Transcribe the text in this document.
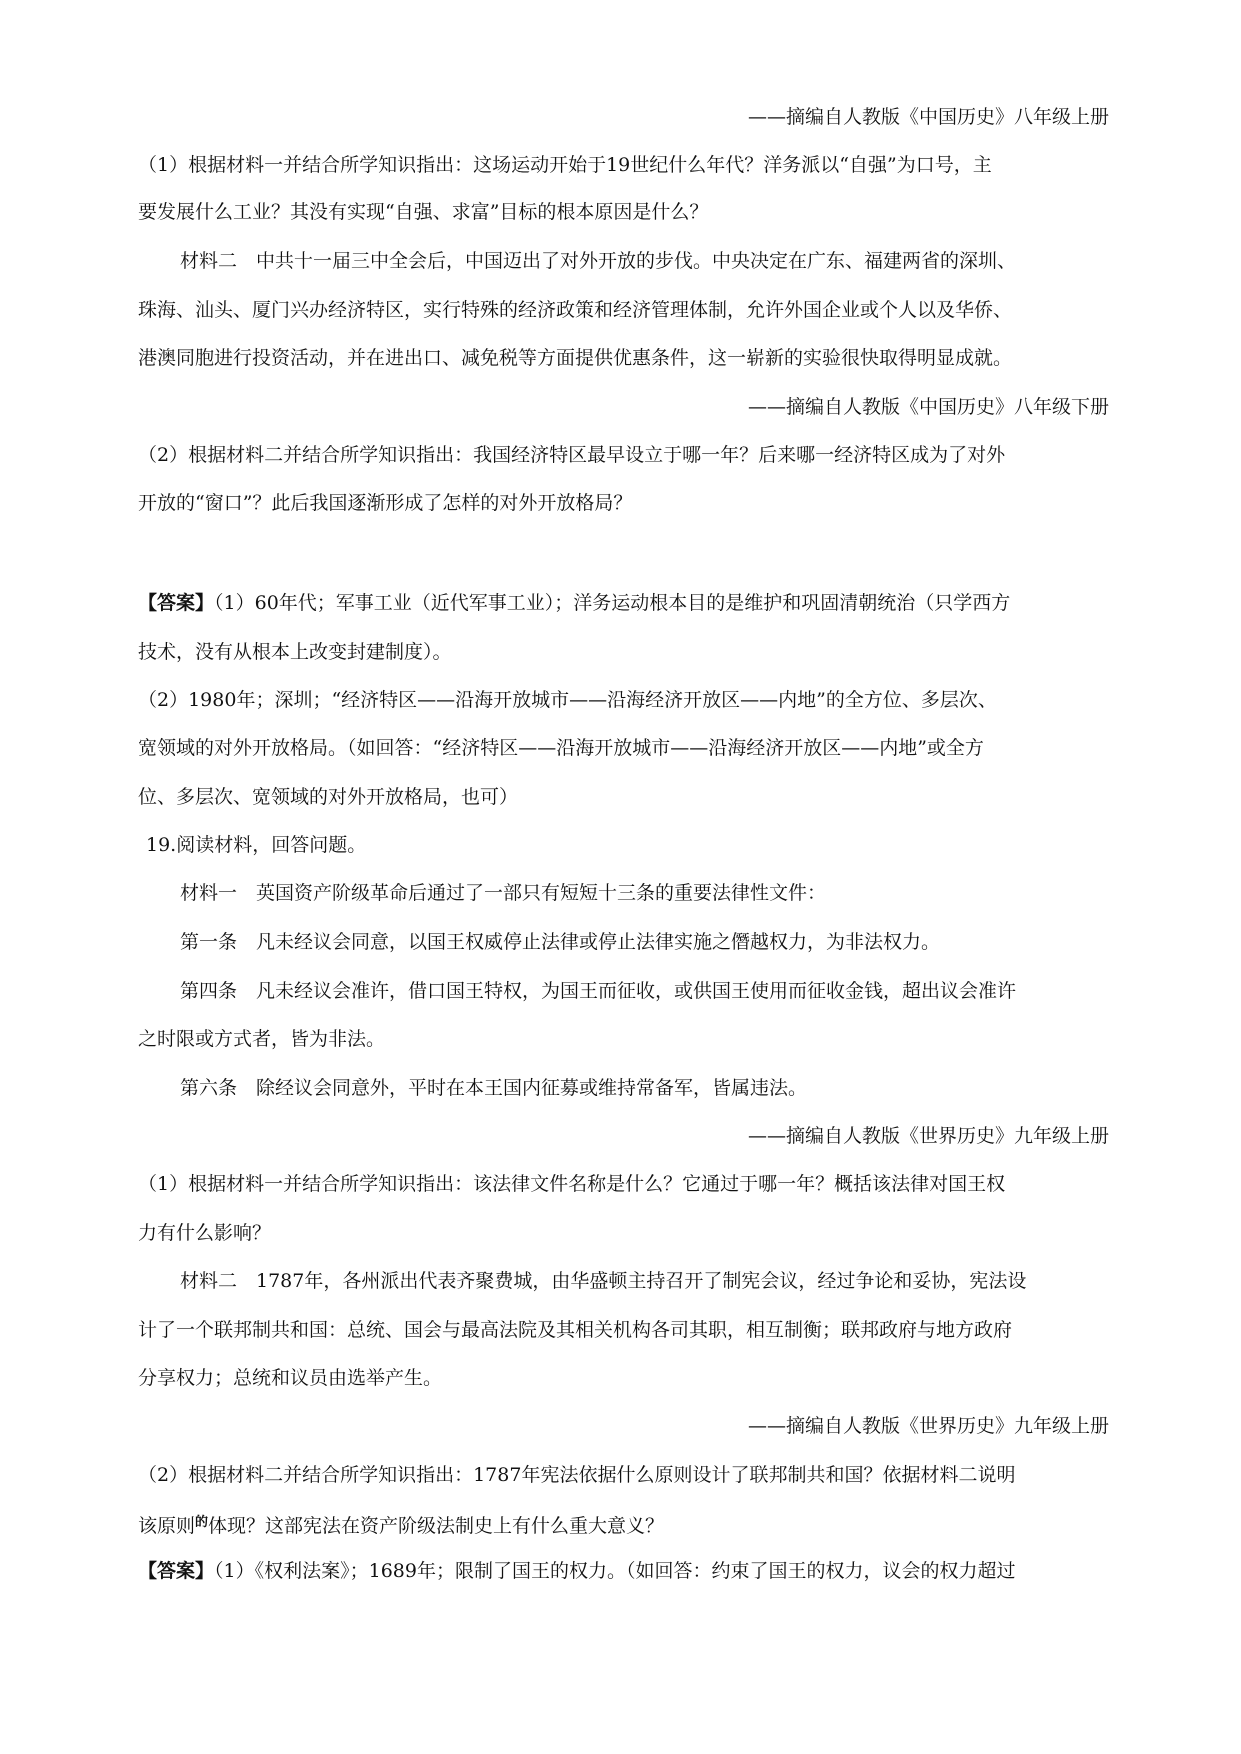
——摘编自人教版《中国历史》八年级上册
（1）根据材料一并结合所学知识指出：这场运动开始于19世纪什么年代？洋务派以“自强”为口号，主
要发展什么工业？其没有实现“自强、求富”目标的根本原因是什么？
材料二　中共十一届三中全会后，中国迈出了对外开放的步伐。中央决定在广东、福建两省的深圳、
珠海、汕头、厦门兴办经济特区，实行特殊的经济政策和经济管理体制，允许外国企业或个人以及华侨、
港澳同胞进行投资活动，并在进出口、减免税等方面提供优惠条件，这一崭新的实验很快取得明显成就。
——摘编自人教版《中国历史》八年级下册
（2）根据材料二并结合所学知识指出：我国经济特区最早设立于哪一年？后来哪一经济特区成为了对外
开放的“窗口”？此后我国逐渐形成了怎样的对外开放格局？
【答案】（1）60年代；军事工业（近代军事工业）；洋务运动根本目的是维护和巩固清朝统治（只学西方
技术，没有从根本上改变封建制度）。
（2）1980年；深圳；“经济特区——沿海开放城市——沿海经济开放区——内地”的全方位、多层次、
宽领域的对外开放格局。（如回答：“经济特区——沿海开放城市——沿海经济开放区——内地”或全方
位、多层次、宽领域的对外开放格局，也可）
19.阅读材料，回答问题。
材料一　英国资产阶级革命后通过了一部只有短短十三条的重要法律性文件：
第一条　凡未经议会同意，以国王权威停止法律或停止法律实施之僭越权力，为非法权力。
第四条　凡未经议会准许，借口国王特权，为国王而征收，或供国王使用而征收金钱，超出议会准许
之时限或方式者，皆为非法。
第六条　除经议会同意外，平时在本王国内征募或维持常备军，皆属违法。
——摘编自人教版《世界历史》九年级上册
（1）根据材料一并结合所学知识指出：该法律文件名称是什么？它通过于哪一年？概括该法律对国王权
力有什么影响？
材料二　1787年，各州派出代表齐聚费城，由华盛顿主持召开了制宪会议，经过争论和妥协，宪法设
计了一个联邦制共和国：总统、国会与最高法院及其相关机构各司其职，相互制衡；联邦政府与地方政府
分享权力；总统和议员由选举产生。
——摘编自人教版《世界历史》九年级上册
（2）根据材料二并结合所学知识指出：1787年宪法依据什么原则设计了联邦制共和国？依据材料二说明
该原则$^的$体现？这部宪法在资产阶级法制史上有什么重大意义？
【答案】（1）《权利法案》；1689年；限制了国王的权力。（如回答：约束了国王的权力，议会的权力超过
